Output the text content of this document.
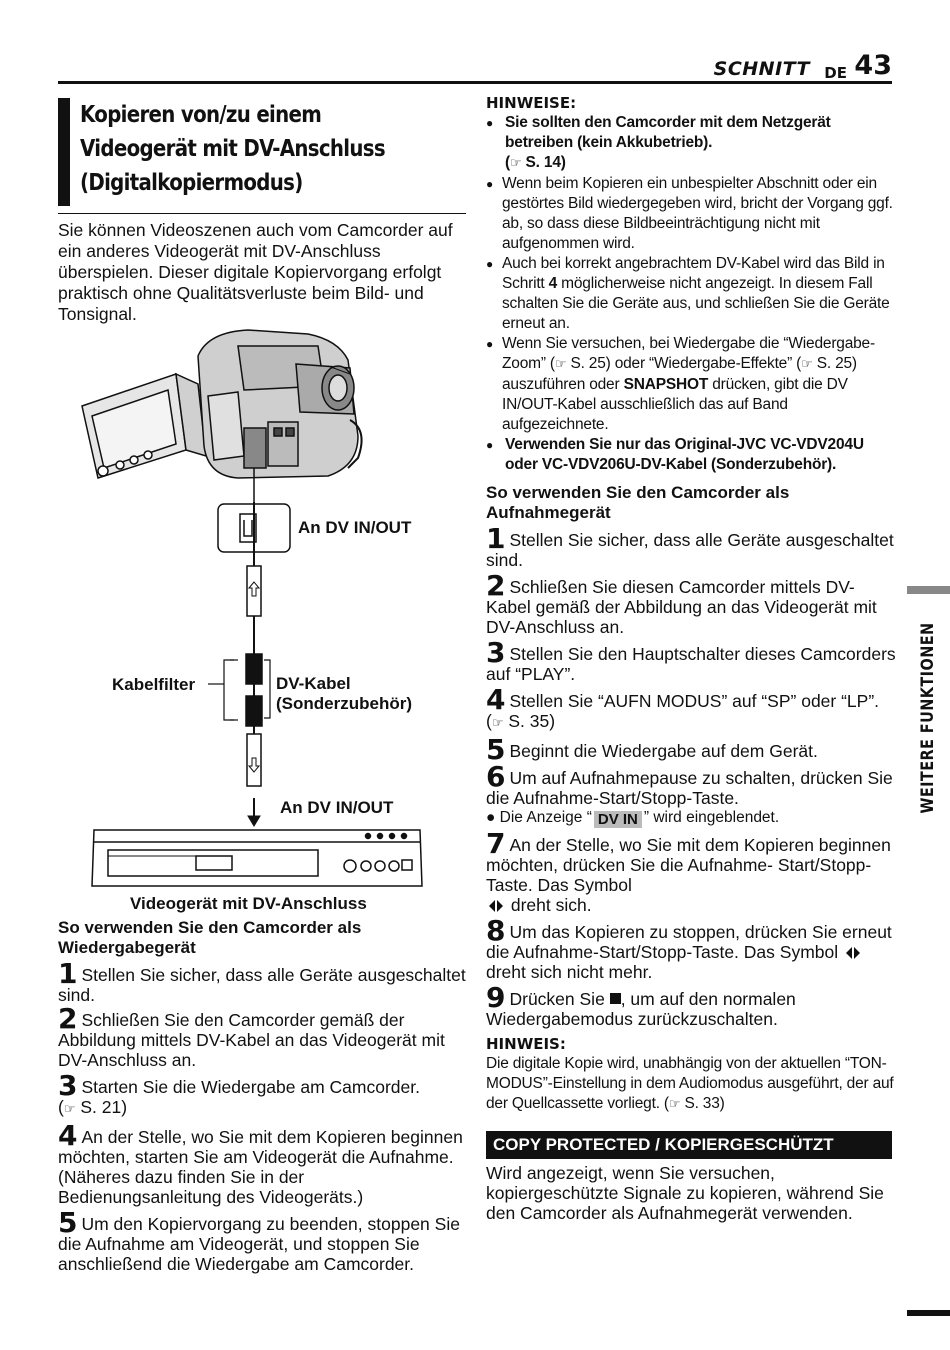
SCHNITT DE 43
Kopieren von/zu einem
Videogerät mit DV-Anschluss
(Digitalkopiermodus)

Sie können Videoszenen auch vom Camcorder auf ein anderes Videogerät mit DV-Anschluss überspielen. Dieser digitale Kopiervorgang erfolgt praktisch ohne Qualitätsverluste beim Bild- und Tonsignal.

An DV IN/OUT
Kabelfilter	DV-Kabel
(Sonderzubehör)
An DV IN/OUT
Videogerät mit DV-Anschluss
So verwenden Sie den Camcorder als Wiedergabegerät
1 Stellen Sie sicher, dass alle Geräte ausgeschaltet sind.
2 Schließen Sie den Camcorder gemäß der Abbildung mittels DV-Kabel an das Videogerät mit DV-Anschluss an.
3 Starten Sie die Wiedergabe am Camcorder.
(☞ S. 21)
4 An der Stelle, wo Sie mit dem Kopieren beginnen möchten, starten Sie am Videogerät die Aufnahme. (Näheres dazu finden Sie in der Bedienungsanleitung des Videogeräts.)
5 Um den Kopiervorgang zu beenden, stoppen Sie die Aufnahme am Videogerät, und stoppen Sie anschließend die Wiedergabe am Camcorder.
HINWEISE:
● Sie sollten den Camcorder mit dem Netzgerät betreiben (kein Akkubetrieb).
(☞ S. 14)
● Wenn beim Kopieren ein unbespielter Abschnitt oder ein gestörtes Bild wiedergegeben wird, bricht der Vorgang ggf. ab, so dass diese Bildbeeinträchtigung nicht mit aufgenommen wird.
● Auch bei korrekt angebrachtem DV-Kabel wird das Bild in Schritt 4 möglicherweise nicht angezeigt. In diesem Fall schalten Sie die Geräte aus, und schließen Sie die Geräte erneut an.
● Wenn Sie versuchen, bei Wiedergabe die “Wiedergabe-Zoom” (☞ S. 25) oder “Wiedergabe-Effekte” (☞ S. 25) auszuführen oder SNAPSHOT drücken, gibt die DV IN/OUT-Kabel ausschließlich das auf Band aufgezeichnete.
● Verwenden Sie nur das Original-JVC VC-VDV204U oder VC-VDV206U-DV-Kabel (Sonderzubehör).
So verwenden Sie den Camcorder als Aufnahmegerät
1 Stellen Sie sicher, dass alle Geräte ausgeschaltet sind.
2 Schließen Sie diesen Camcorder mittels DV-Kabel gemäß der Abbildung an das Videogerät mit DV-Anschluss an.
3 Stellen Sie den Hauptschalter dieses Camcorders auf “PLAY”.
4 Stellen Sie “AUFN MODUS” auf “SP” oder “LP”. (☞ S. 35)
5 Beginnt die Wiedergabe auf dem Gerät.
6 Um auf Aufnahmepause zu schalten, drücken Sie die Aufnahme-Start/Stopp-Taste.
● Die Anzeige “ DV IN ” wird eingeblendet.
7 An der Stelle, wo Sie mit dem Kopieren beginnen möchten, drücken Sie die Aufnahme- Start/Stopp-Taste. Das Symbol
dreht sich.
8 Um das Kopieren zu stoppen, drücken Sie erneut die Aufnahme-Start/Stopp-Taste. Das Symbol  dreht sich nicht mehr.
9 Drücken Sie , um auf den normalen Wiedergabemodus zurückzuschalten.
HINWEIS:

Die digitale Kopie wird, unabhängig von der aktuellen “TON-MODUS”-Einstellung in dem Audiomodus ausgeführt, der auf der Quellcassette vorliegt. (☞ S. 33)

COPY PROTECTED / KOPIERGESCHÜTZT

Wird angezeigt, wenn Sie versuchen, kopiergeschützte Signale zu kopieren, während Sie den Camcorder als Aufnahmegerät verwenden.

WEITERE FUNKTIONEN
